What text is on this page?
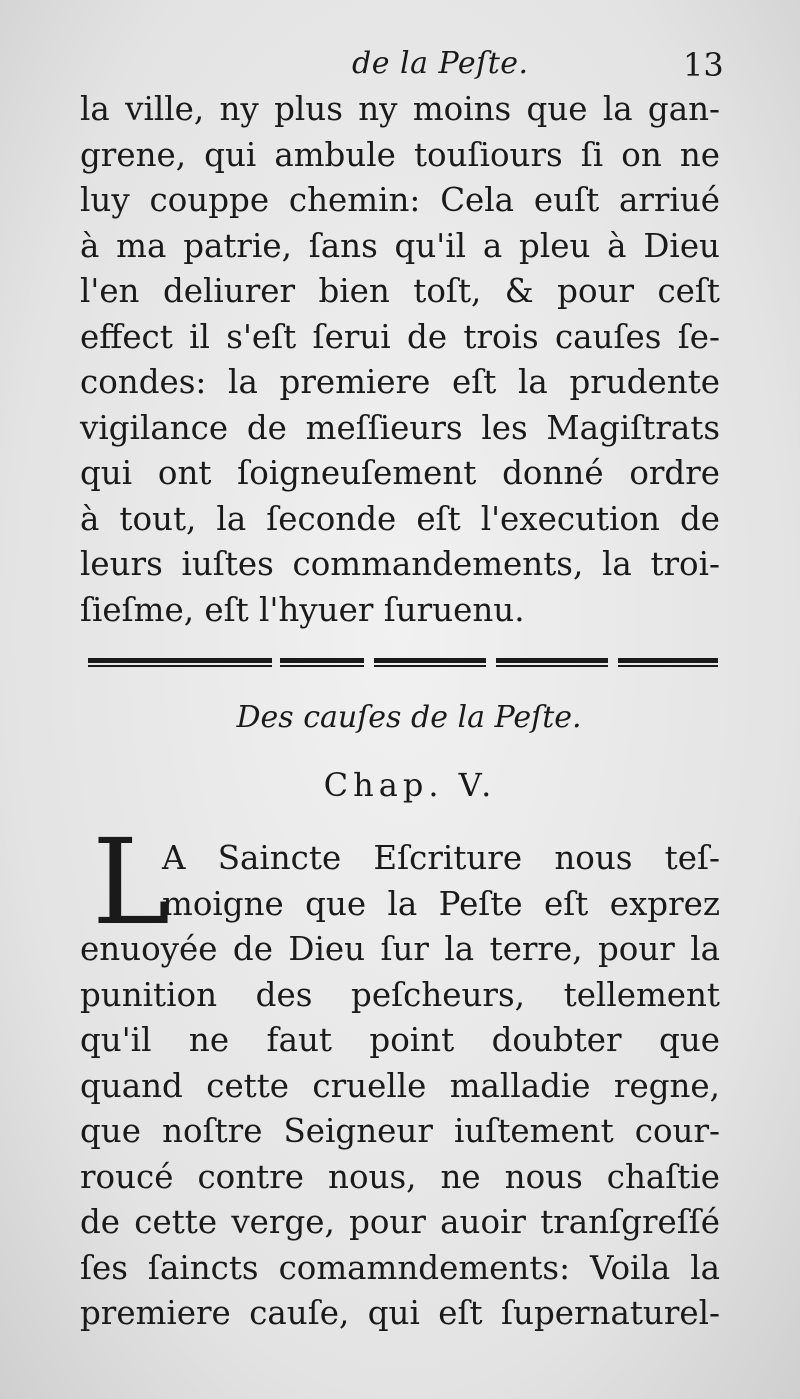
de la Peſte.	13
la ville, ny plus ny moins que la gan-
grene, qui ambule touſiours ſi on ne
luy couppe chemin: Cela euſt arriué
à ma patrie, ſans qu'il a pleu à Dieu
l'en deliurer bien toſt, & pour ceſt
effect il s'eſt ſerui de trois cauſes ſe-
condes: la premiere eſt la prudente
vigilance de meſſieurs les Magiſtrats
qui ont ſoigneuſement donné ordre
à tout, la ſeconde eſt l'execution de
leurs iuſtes commandements, la troi-
ſieſme, eſt l'hyuer ſuruenu.
Des cauſes de la Peſte.
Chap. V.
L
A Saincte Eſcriture nous teſ-
moigne que la Peſte eſt exprez
enuoyée de Dieu ſur la terre, pour la
punition des peſcheurs, tellement
qu'il ne faut point doubter que
quand cette cruelle malladie regne,
que noſtre Seigneur iuſtement cour-
roucé contre nous, ne nous chaſtie
de cette verge, pour auoir tranſgreſſé
ſes ſaincts comamndements: Voila la
premiere cauſe, qui eſt ſupernaturel-
